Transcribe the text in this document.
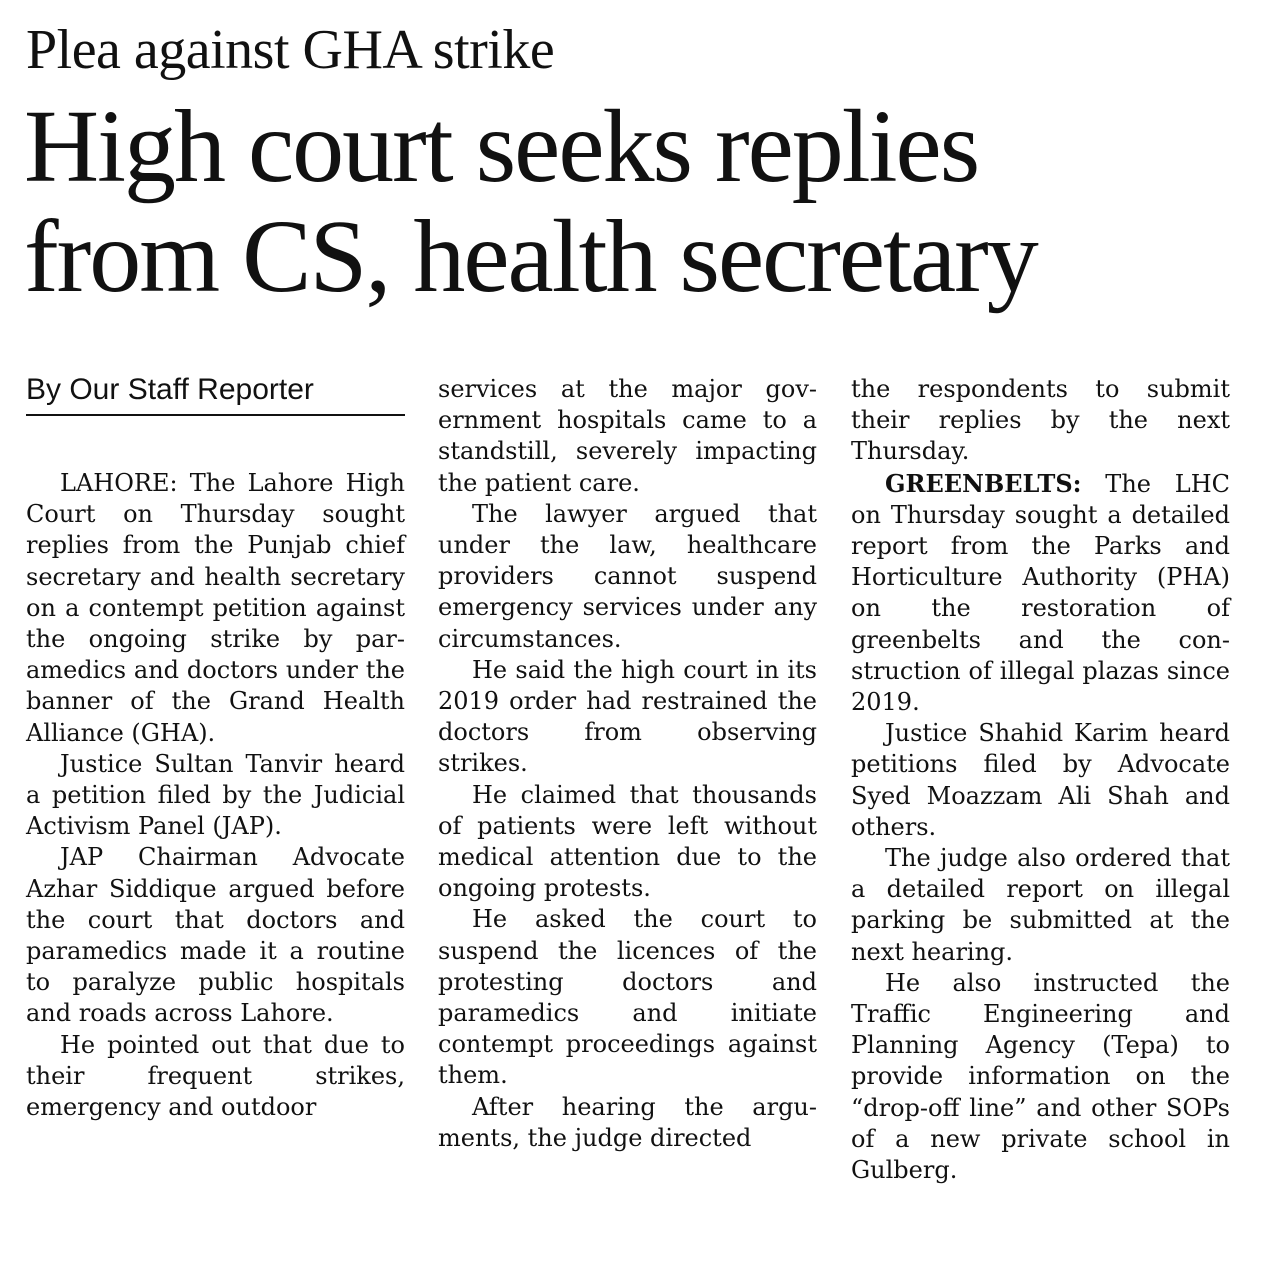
Plea against GHA strike
High court seeks replies
from CS, health secretary
By Our Staff Reporter

LAHORE: The Lahore High Court on Thursday sought replies from the Punjab chief secretary and health secretary on a contempt petition against the ongoing strike by paramedics and doctors under the banner of the Grand Health Alliance (GHA).

Justice Sultan Tanvir heard a petition filed by the Judicial Activism Panel (JAP).

JAP Chairman Advocate Azhar Siddique argued before the court that doctors and paramedics made it a routine to paralyze public hospitals and roads across Lahore.

He pointed out that due to their frequent strikes, emergency and outdoor

services at the major government hospitals came to a standstill, severely impacting the patient care.

The lawyer argued that under the law, healthcare providers cannot suspend emergency services under any circumstances.

He said the high court in its 2019 order had restrained the doctors from observing strikes.

He claimed that thousands of patients were left without medical attention due to the ongoing protests.

He asked the court to suspend the licences of the protesting doctors and paramedics and initiate contempt proceedings against them.

After hearing the arguments, the judge directed

the respondents to submit their replies by the next Thursday.

GREENBELTS: The LHC on Thursday sought a detailed report from the Parks and Horticulture Authority (PHA) on the restoration of greenbelts and the construction of illegal plazas since 2019.

Justice Shahid Karim heard petitions filed by Advocate Syed Moazzam Ali Shah and others.

The judge also ordered that a detailed report on illegal parking be submitted at the next hearing.

He also instructed the Traffic Engineering and Planning Agency (Tepa) to provide information on the “drop-off line” and other SOPs of a new private school in Gulberg.
